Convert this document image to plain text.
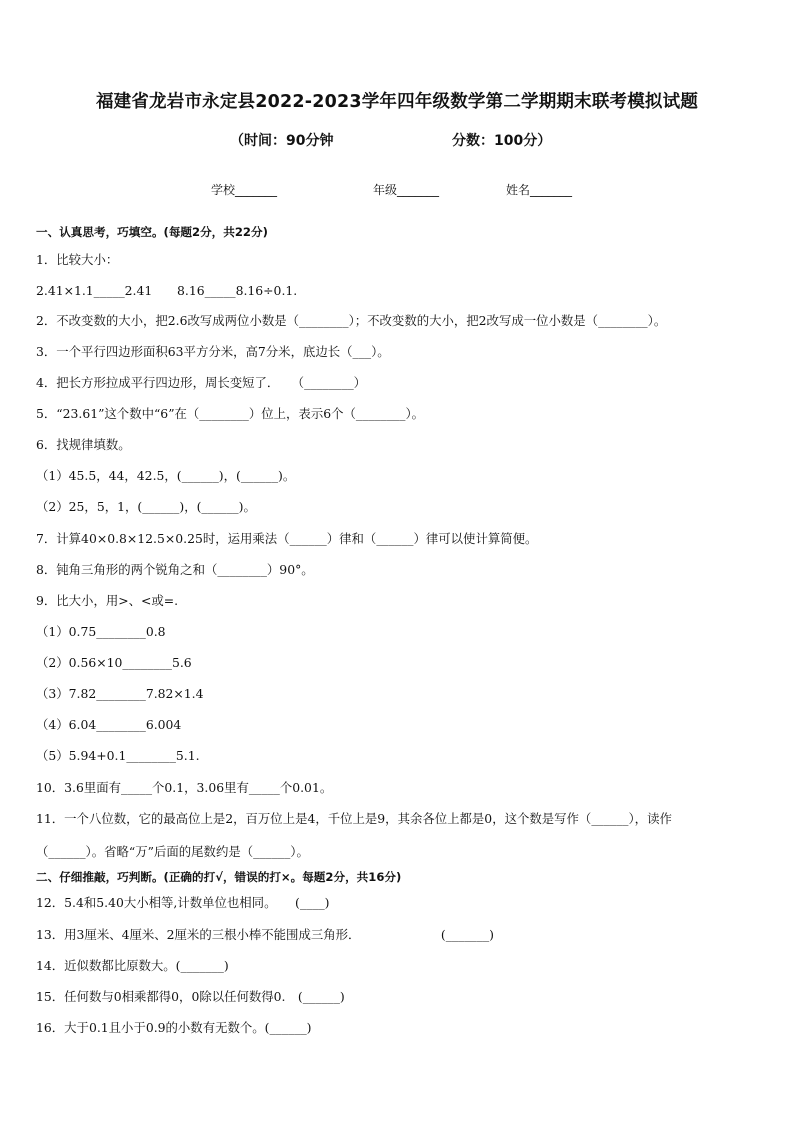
福建省龙岩市永定县2022-2023学年四年级数学第二学期期末联考模拟试题
（时间：90分钟	分数：100分）
学校_______	年级_______	姓名_______
一、认真思考，巧填空。(每题2分，共22分)
1．比较大小：
2.41×1.1_____2.41　　8.16_____8.16÷0.1.
2．不改变数的大小，把2.6改写成两位小数是（________）；不改变数的大小，把2改写成一位小数是（________）。
3．一个平行四边形面积63平方分米，高7分米，底边长（___）。
4．把长方形拉成平行四边形，周长变短了．　　（________）
5．“23.61”这个数中“6”在（________）位上，表示6个（________）。
6．找规律填数。
（1）45.5，44，42.5，(______)，(______)。
（2）25，5，1，(______)，(______)。
7．计算40×0.8×12.5×0.25时，运用乘法（______）律和（______）律可以使计算简便。
8．钝角三角形的两个锐角之和（________）90°。
9．比大小，用>、<或=.
（1）0.75________0.8
（2）0.56×10________5.6
（3）7.82________7.82×1.4
（4）6.04________6.004
（5）5.94+0.1________5.1.
10．3.6里面有_____个0.1，3.06里有_____个0.01。
11．一个八位数，它的最高位上是2，百万位上是4，千位上是9，其余各位上都是0，这个数是写作（______），读作
（______）。省略“万”后面的尾数约是（______）。
二、仔细推敲，巧判断。(正确的打√，错误的打×。每题2分，共16分)
12．5.4和5.40大小相等,计数单位也相同。　　(____)
13．用3厘米、4厘米、2厘米的三根小棒不能围成三角形．　　　　　　　(_______)
14．近似数都比原数大。(_______)
15．任何数与0相乘都得0，0除以任何数得0.　(______)
16．大于0.1且小于0.9的小数有无数个。(______)
